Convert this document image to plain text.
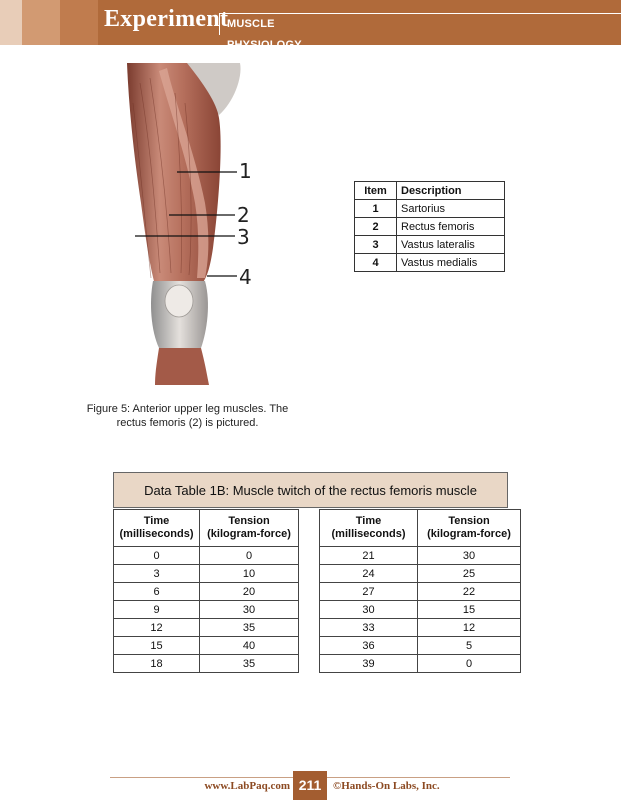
Experiment
MUSCLE PHYSIOLOGY
1
2
3
4
Figure 5: Anterior upper leg muscles. The rectus femoris (2) is pictured.
Item	Description
1	Sartorius
2	Rectus femoris
3	Vastus lateralis
4	Vastus medialis
Data Table 1B: Muscle twitch of the rectus femoris muscle
Time (milliseconds)	Tension (kilogram-force)
0	0
3	10
6	20
9	30
12	35
15	40
18	35
Time (milliseconds)	Tension (kilogram-force)
21	30
24	25
27	22
30	15
33	12
36	5
39	0
www.LabPaq.com 211	©Hands-On Labs, Inc.
